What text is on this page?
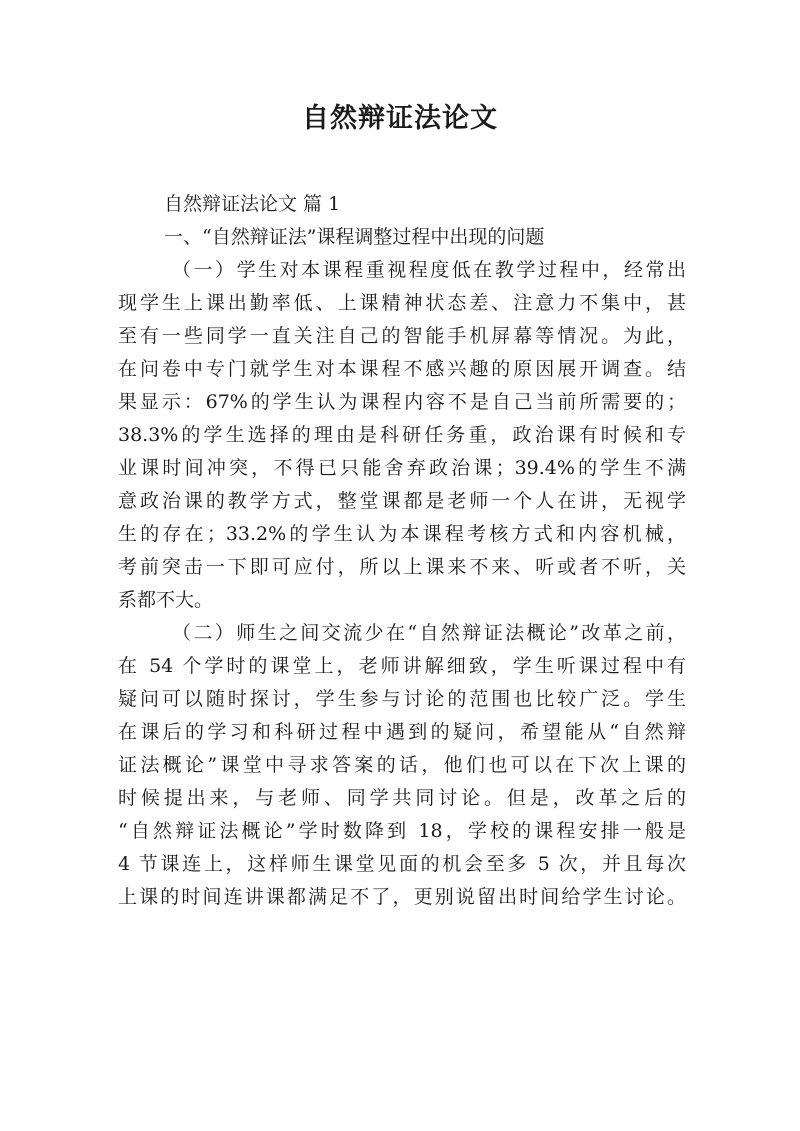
自然辩证法论文
自然辩证法论文 篇 1
一、“自然辩证法”课程调整过程中出现的问题
（一）学生对本课程重视程度低在教学过程中，经常出
现学生上课出勤率低、上课精神状态差、注意力不集中，甚
至有一些同学一直关注自己的智能手机屏幕等情况。为此，
在问卷中专门就学生对本课程不感兴趣的原因展开调查。结
果显示：67%的学生认为课程内容不是自己当前所需要的；
38.3%的学生选择的理由是科研任务重，政治课有时候和专
业课时间冲突，不得已只能舍弃政治课；39.4%的学生不满
意政治课的教学方式，整堂课都是老师一个人在讲，无视学
生的存在；33.2%的学生认为本课程考核方式和内容机械，
考前突击一下即可应付，所以上课来不来、听或者不听，关
系都不大。
（二）师生之间交流少在“自然辩证法概论”改革之前，
在 54 个学时的课堂上，老师讲解细致，学生听课过程中有
疑问可以随时探讨，学生参与讨论的范围也比较广泛。学生
在课后的学习和科研过程中遇到的疑问，希望能从“自然辩
证法概论”课堂中寻求答案的话，他们也可以在下次上课的
时候提出来，与老师、同学共同讨论。但是，改革之后的
“自然辩证法概论”学时数降到 18，学校的课程安排一般是
4 节课连上，这样师生课堂见面的机会至多 5 次，并且每次
上课的时间连讲课都满足不了，更别说留出时间给学生讨论。
